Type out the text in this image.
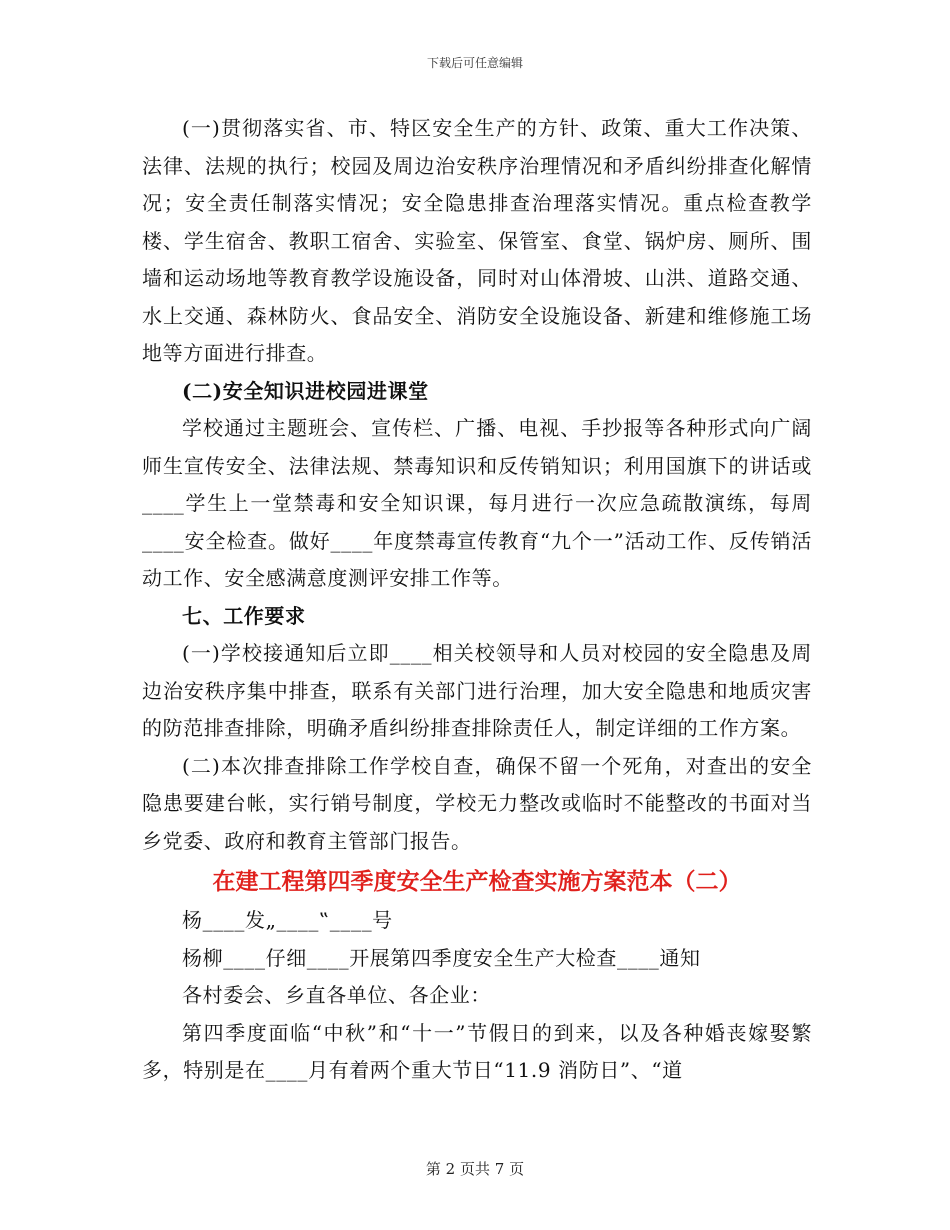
下载后可任意编辑

(一)贯彻落实省、市、特区安全生产的方针、政策、重大工作决策、法律、法规的执行；校园及周边治安秩序治理情况和矛盾纠纷排查化解情况；安全责任制落实情况；安全隐患排查治理落实情况。重点检查教学楼、学生宿舍、教职工宿舍、实验室、保管室、食堂、锅炉房、厕所、围墙和运动场地等教育教学设施设备，同时对山体滑坡、山洪、道路交通、水上交通、森林防火、食品安全、消防安全设施设备、新建和维修施工场地等方面进行排查。

(二)安全知识进校园进课堂

学校通过主题班会、宣传栏、广播、电视、手抄报等各种形式向广阔师生宣传安全、法律法规、禁毒知识和反传销知识；利用国旗下的讲话或____学生上一堂禁毒和安全知识课，每月进行一次应急疏散演练，每周____安全检查。做好____年度禁毒宣传教育“九个一”活动工作、反传销活动工作、安全感满意度测评安排工作等。

七、工作要求

(一)学校接通知后立即____相关校领导和人员对校园的安全隐患及周边治安秩序集中排查，联系有关部门进行治理，加大安全隐患和地质灾害的防范排查排除，明确矛盾纠纷排查排除责任人，制定详细的工作方案。

(二)本次排查排除工作学校自查，确保不留一个死角，对查出的安全隐患要建台帐，实行销号制度，学校无力整改或临时不能整改的书面对当乡党委、政府和教育主管部门报告。

在建工程第四季度安全生产检查实施方案范本（二）

杨____发„____‟____号

杨柳____仔细____开展第四季度安全生产大检查____通知

各村委会、乡直各单位、各企业：

第四季度面临“中秋”和“十一”节假日的到来，以及各种婚丧嫁娶繁多，特别是在____月有着两个重大节日“11.9 消防日”、“道

第 2 页共 7 页
